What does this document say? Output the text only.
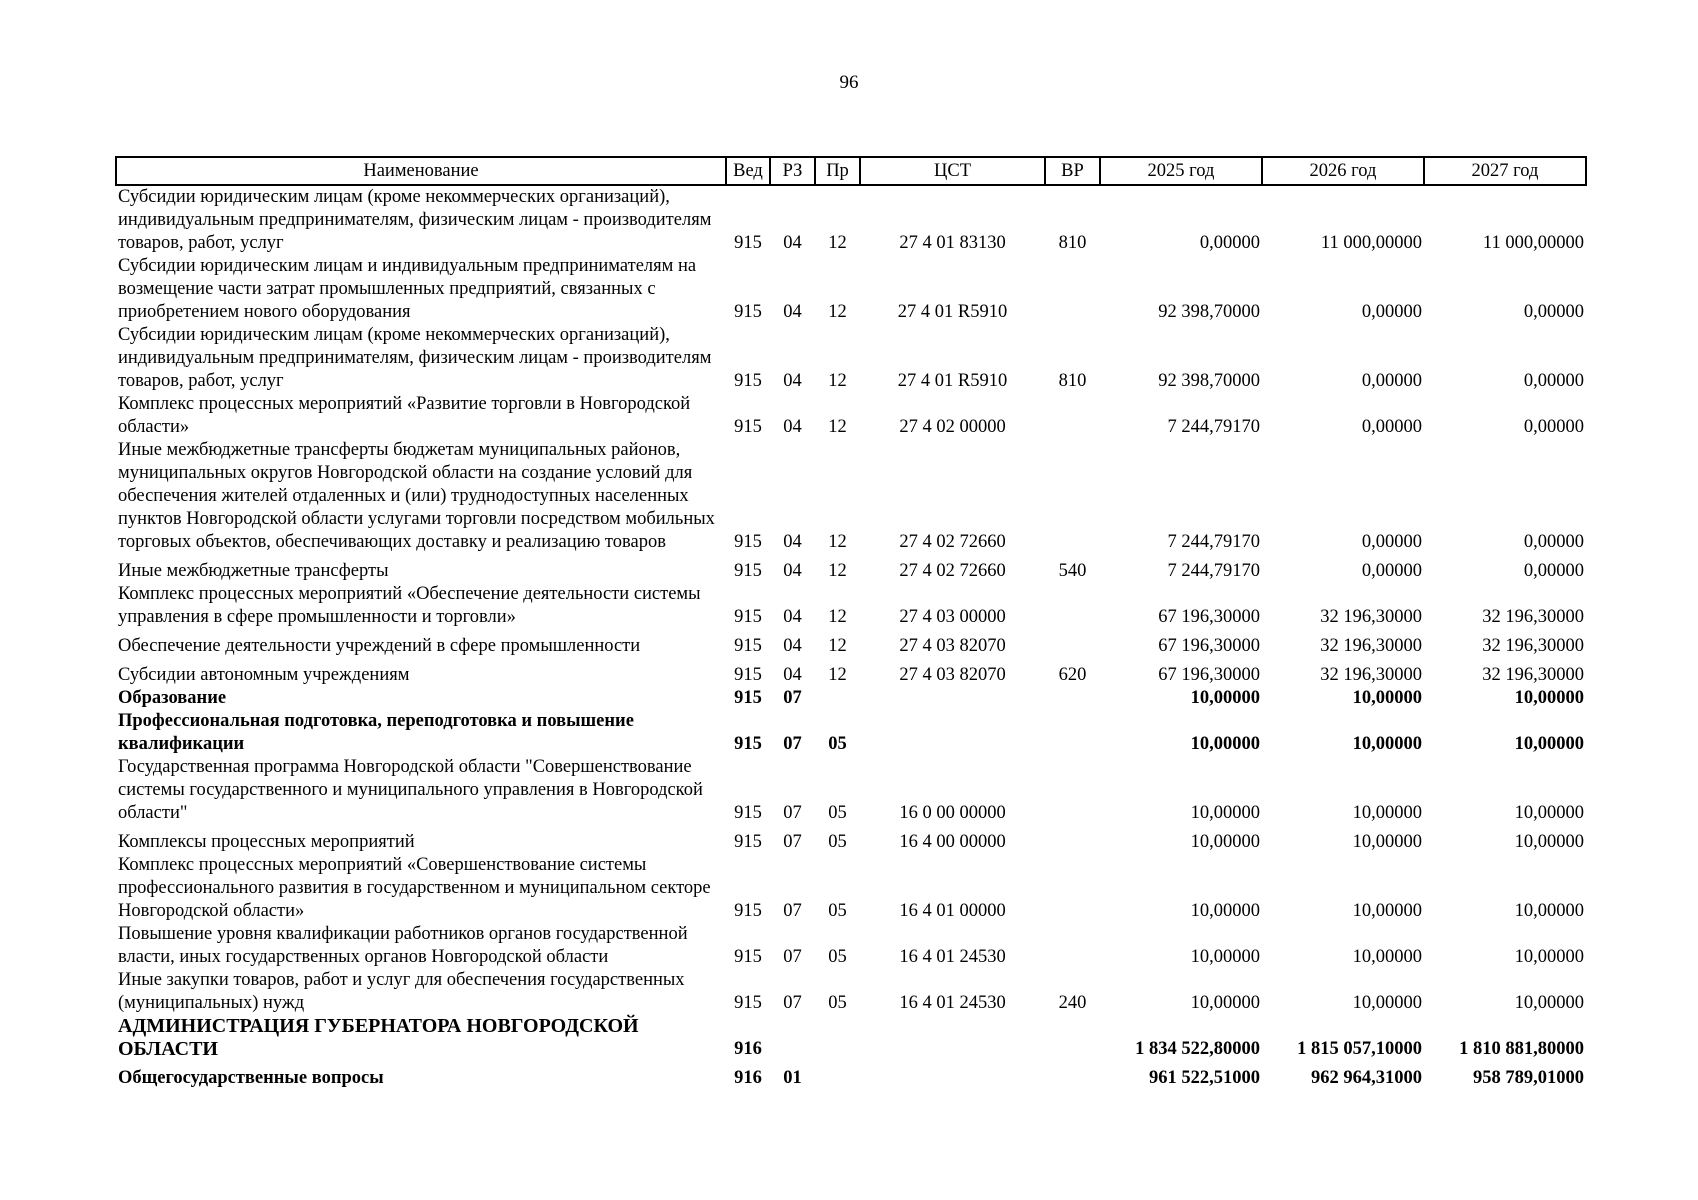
96
Наименование	Вед	РЗ	Пр	ЦСТ	ВР	2025 год	2026 год	2027 год
Субсидии юридическим лицам (кроме некоммерческих организаций), индивидуальным предпринимателям, физическим лицам - производителям товаров, работ, услуг	915	04	12	27 4 01 83130	810	0,00000	11 000,00000	11 000,00000
Субсидии юридическим лицам и индивидуальным предпринимателям на возмещение части затрат промышленных предприятий, связанных с приобретением нового оборудования	915	04	12	27 4 01 R5910		92 398,70000	0,00000	0,00000
Субсидии юридическим лицам (кроме некоммерческих организаций), индивидуальным предпринимателям, физическим лицам - производителям товаров, работ, услуг	915	04	12	27 4 01 R5910	810	92 398,70000	0,00000	0,00000
Комплекс процессных мероприятий «Развитие торговли в Новгородской области»	915	04	12	27 4 02 00000		7 244,79170	0,00000	0,00000
Иные межбюджетные трансферты бюджетам муниципальных районов, муниципальных округов Новгородской области на создание условий для обеспечения жителей отдаленных и (или) труднодоступных населенных пунктов Новгородской области услугами торговли посредством мобильных торговых объектов, обеспечивающих доставку и реализацию товаров	915	04	12	27 4 02 72660		7 244,79170	0,00000	0,00000
Иные межбюджетные трансферты	915	04	12	27 4 02 72660	540	7 244,79170	0,00000	0,00000
Комплекс процессных мероприятий «Обеспечение деятельности системы управления в сфере промышленности и торговли»	915	04	12	27 4 03 00000		67 196,30000	32 196,30000	32 196,30000
Обеспечение деятельности учреждений в сфере промышленности	915	04	12	27 4 03 82070		67 196,30000	32 196,30000	32 196,30000
Субсидии автономным учреждениям	915	04	12	27 4 03 82070	620	67 196,30000	32 196,30000	32 196,30000
Образование	915	07				10,00000	10,00000	10,00000
Профессиональная подготовка, переподготовка и повышение квалификации	915	07	05			10,00000	10,00000	10,00000
Государственная программа Новгородской области "Совершенствование системы государственного и муниципального управления в Новгородской области"	915	07	05	16 0 00 00000		10,00000	10,00000	10,00000
Комплексы процессных мероприятий	915	07	05	16 4 00 00000		10,00000	10,00000	10,00000
Комплекс процессных мероприятий «Совершенствование системы профессионального развития в государственном и муниципальном секторе Новгородской области»	915	07	05	16 4 01 00000		10,00000	10,00000	10,00000
Повышение уровня квалификации работников органов государственной власти, иных государственных органов Новгородской области	915	07	05	16 4 01 24530		10,00000	10,00000	10,00000
Иные закупки товаров, работ и услуг для обеспечения государственных (муниципальных) нужд	915	07	05	16 4 01 24530	240	10,00000	10,00000	10,00000
АДМИНИСТРАЦИЯ ГУБЕРНАТОРА НОВГОРОДСКОЙ ОБЛАСТИ	916					1 834 522,80000	1 815 057,10000	1 810 881,80000
Общегосударственные вопросы	916	01				961 522,51000	962 964,31000	958 789,01000
